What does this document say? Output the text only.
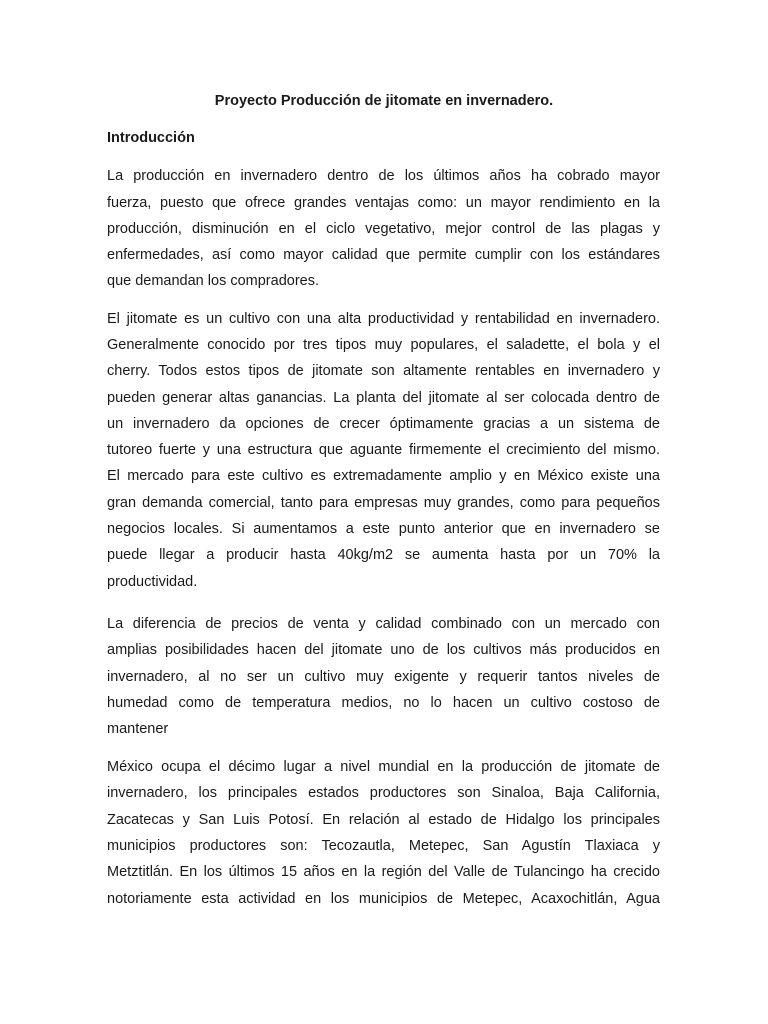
Proyecto Producción de jitomate en invernadero.
Introducción

La producción en invernadero dentro de los últimos años ha cobrado mayor

fuerza, puesto que ofrece grandes ventajas como: un mayor rendimiento en la

producción, disminución en el ciclo vegetativo, mejor control de las plagas y

enfermedades, así como mayor calidad que permite cumplir con los estándares

que demandan los compradores.

El jitomate es un cultivo con una alta productividad y rentabilidad en invernadero.

Generalmente conocido por tres tipos muy populares, el saladette, el bola y el

cherry. Todos estos tipos de jitomate son altamente rentables en invernadero y

pueden generar altas ganancias. La planta del jitomate al ser colocada dentro de

un invernadero da opciones de crecer óptimamente gracias a un sistema de

tutoreo fuerte y una estructura que aguante firmemente el crecimiento del mismo.

El mercado para este cultivo es extremadamente amplio y en México existe una

gran demanda comercial, tanto para empresas muy grandes, como para pequeños

negocios locales. Si aumentamos a este punto anterior que en invernadero se

puede llegar a producir hasta 40kg/m2 se aumenta hasta por un 70% la

productividad.

La diferencia de precios de venta y calidad combinado con un mercado con

amplias posibilidades hacen del jitomate uno de los cultivos más producidos en

invernadero, al no ser un cultivo muy exigente y requerir tantos niveles de

humedad como de temperatura medios, no lo hacen un cultivo costoso de

mantener

México ocupa el décimo lugar a nivel mundial en la producción de jitomate de

invernadero, los principales estados productores son Sinaloa, Baja California,

Zacatecas y San Luis Potosí. En relación al estado de Hidalgo los principales

municipios productores son: Tecozautla, Metepec, San Agustín Tlaxiaca y

Metztitlán. En los últimos 15 años en la región del Valle de Tulancingo ha crecido

notoriamente esta actividad en los municipios de Metepec, Acaxochitlán, Agua
